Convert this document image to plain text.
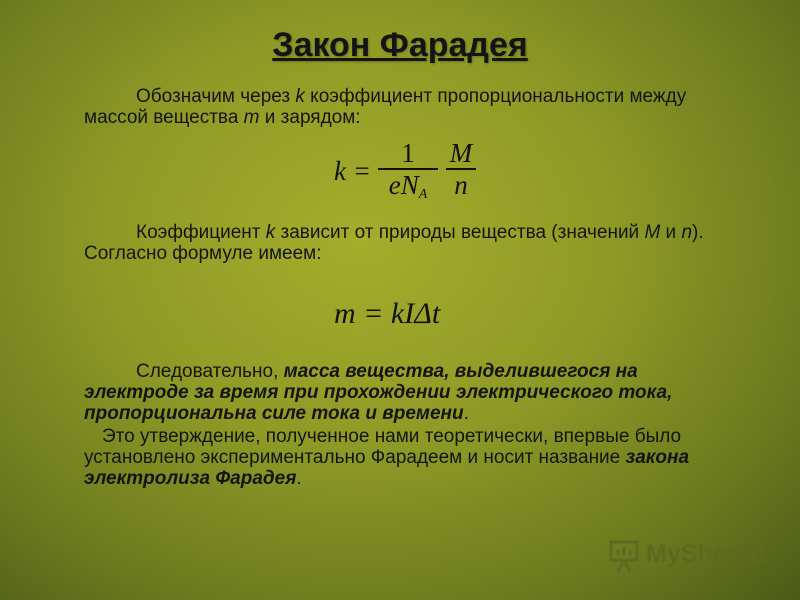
Закон Фарадея
Обозначим через k коэффициент пропорциональности между массой вещества m и зарядом:
k =
1
$eN_A$
M
n
Коэффициент k зависит от природы вещества (значений M и n). Согласно формуле имеем:
m = kIΔt
Следовательно, масса вещества, выделившегося на электроде за время при прохождении электрического тока, пропорциональна силе тока и времени.
Это утверждение, полученное нами теоретически, впервые было установлено экспериментально Фарадеем и носит название закона электролиза Фарадея.
MyShared
